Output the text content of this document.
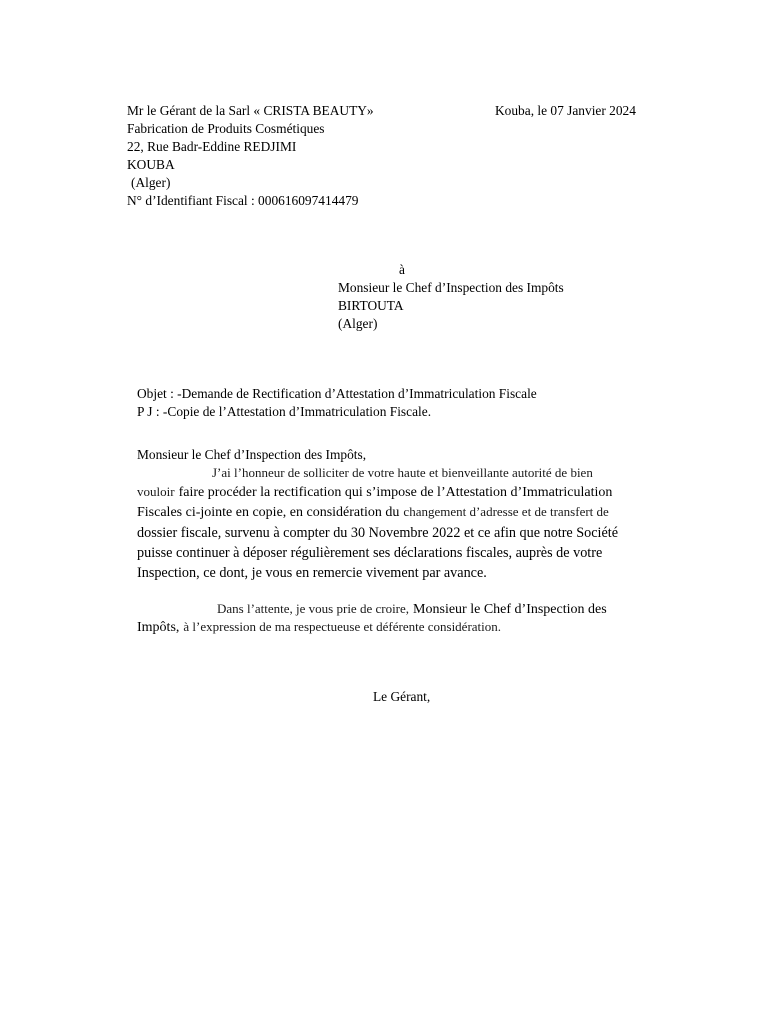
Mr le Gérant de la Sarl « CRISTA BEAUTY»
Fabrication de Produits Cosmétiques
22, Rue Badr-Eddine REDJIMI
KOUBA
(Alger)
N° d’Identifiant Fiscal : 000616097414479
Kouba, le 07 Janvier 2024
à
Monsieur le Chef d’Inspection des Impôts
BIRTOUTA
(Alger)
Objet : -Demande de Rectification d’Attestation d’Immatriculation Fiscale
P J : -Copie de l’Attestation d’Immatriculation Fiscale.
Monsieur le Chef d’Inspection des Impôts,
J’ai l’honneur de solliciter de votre haute et bienveillante autorité de bien
vouloir faire procéder la rectification qui s’impose de l’Attestation d’Immatriculation
Fiscales ci-jointe en copie, en considération du changement d’adresse et de transfert de
dossier fiscale, survenu à compter du 30 Novembre 2022 et ce afin que notre Société
puisse continuer à déposer régulièrement ses déclarations fiscales, auprès de votre
Inspection, ce dont, je vous en remercie vivement par avance.
Dans l’attente, je vous prie de croire, Monsieur le Chef d’Inspection des
Impôts, à l’expression de ma respectueuse et déférente considération.
Le Gérant,
